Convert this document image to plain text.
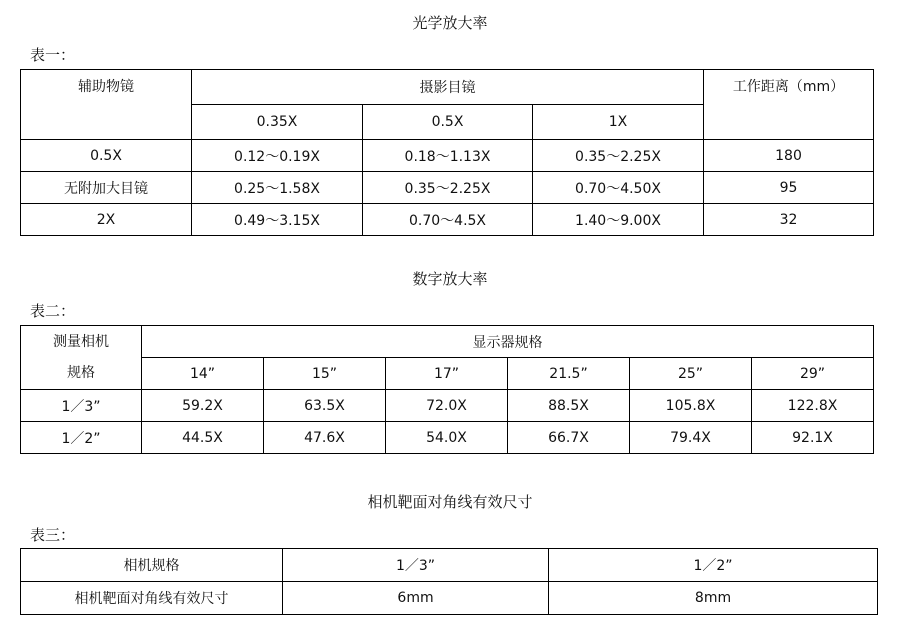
光学放大率
表一：
辅助物镜	摄影目镜			工作距离（mm）
	0.35X	0.5X	1X	
0.5X	0.12～0.19X	0.18～1.13X	0.35～2.25X	180
无附加大目镜	0.25～1.58X	0.35～2.25X	0.70～4.50X	95
2X	0.49～3.15X	0.70～4.5X	1.40～9.00X	32
数字放大率
表二：
测量相机
规格	显示器规格					
	14”	15”	17”	21.5”	25”	29”
1／3”	59.2X	63.5X	72.0X	88.5X	105.8X	122.8X
1／2”	44.5X	47.6X	54.0X	66.7X	79.4X	92.1X
相机靶面对角线有效尺寸
表三：
相机规格	1／3”	1／2”
相机靶面对角线有效尺寸	6mm	8mm
